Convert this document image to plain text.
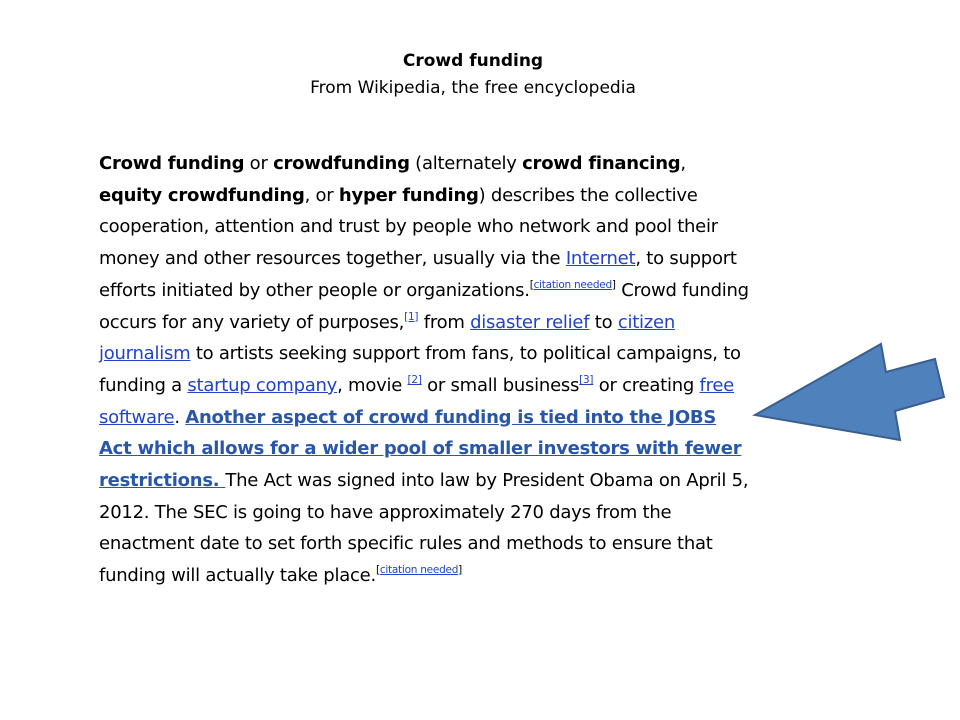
Crowd funding
From Wikipedia, the free encyclopedia
Crowd funding or crowdfunding (alternately crowd financing, equity crowdfunding, or hyper funding) describes the collective cooperation, attention and trust by people who network and pool their money and other resources together, usually via the Internet, to support efforts initiated by other people or organizations.[citation needed] Crowd funding occurs for any variety of purposes,[1] from disaster relief to citizen journalism to artists seeking support from fans, to political campaigns, to funding a startup company, movie [2] or small business[3] or creating free software. Another aspect of crowd funding is tied into the JOBS Act which allows for a wider pool of smaller investors with fewer restrictions. The Act was signed into law by President Obama on April 5, 2012. The SEC is going to have approximately 270 days from the enactment date to set forth specific rules and methods to ensure that funding will actually take place.[citation needed]
